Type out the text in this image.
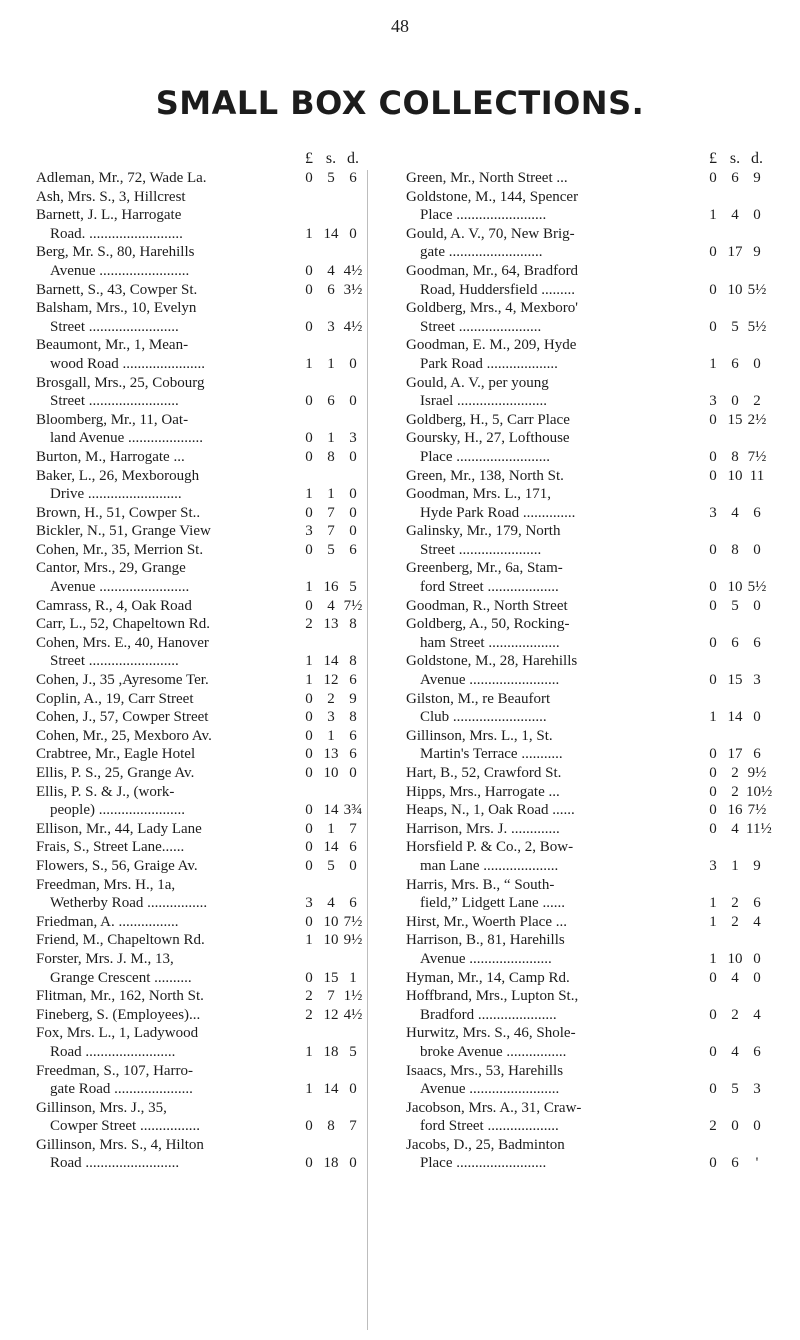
48
SMALL BOX COLLECTIONS.
£ s. d.
Adleman, Mr., 72, Wade La.	0 5 6
Ash, Mrs. S., 3, Hillcrest
Barnett, J. L., Harrogate
Road. .........................	1 14 0
Berg, Mr. S., 80, Harehills
Avenue ........................	0 4 4½
Barnett, S., 43, Cowper St.	0 6 3½
Balsham, Mrs., 10, Evelyn
Street ........................	0 3 4½
Beaumont, Mr., 1, Mean-
wood Road ......................	1 1 0
Brosgall, Mrs., 25, Cobourg
Street ........................	0 6 0
Bloomberg, Mr., 11, Oat-
land Avenue ....................	0 1 3
Burton, M., Harrogate ...	0 8 0
Baker, L., 26, Mexborough
Drive .........................	1 1 0
Brown, H., 51, Cowper St..	0 7 0
Bickler, N., 51, Grange View	3 7 0
Cohen, Mr., 35, Merrion St.	0 5 6
Cantor, Mrs., 29, Grange
Avenue ........................	1 16 5
Camrass, R., 4, Oak Road	0 4 7½
Carr, L., 52, Chapeltown Rd.	2 13 8
Cohen, Mrs. E., 40, Hanover
Street ........................	1 14 8
Cohen, J., 35 ,Ayresome Ter.	1 12 6
Coplin, A., 19, Carr Street	0 2 9
Cohen, J., 57, Cowper Street	0 3 8
Cohen, Mr., 25, Mexboro Av.	0 1 6
Crabtree, Mr., Eagle Hotel	0 13 6
Ellis, P. S., 25, Grange Av.	0 10 0
Ellis, P. S. & J., (work-
people) .......................	0 14 3¾
Ellison, Mr., 44, Lady Lane	0 1 7
Frais, S., Street Lane......	0 14 6
Flowers, S., 56, Graige Av.	0 5 0
Freedman, Mrs. H., 1a,
Wetherby Road ................	3 4 6
Friedman, A. ................	0 10 7½
Friend, M., Chapeltown Rd.	1 10 9½
Forster, Mrs. J. M., 13,
Grange Crescent ..........	0 15 1
Flitman, Mr., 162, North St.	2 7 1½
Fineberg, S. (Employees)...	2 12 4½
Fox, Mrs. L., 1, Ladywood
Road ........................	1 18 5
Freedman, S., 107, Harro-
gate Road .....................	1 14 0
Gillinson, Mrs. J., 35,
Cowper Street ................	0 8 7
Gillinson, Mrs. S., 4, Hilton
Road .........................	0 18 0
£ s. d.
Green, Mr., North Street ...	0 6 9
Goldstone, M., 144, Spencer
Place ........................	1 4 0
Gould, A. V., 70, New Brig-
gate .........................	0 17 9
Goodman, Mr., 64, Bradford
Road, Huddersfield .........	0 10 5½
Goldberg, Mrs., 4, Mexboro'
Street ......................	0 5 5½
Goodman, E. M., 209, Hyde
Park Road ...................	1 6 0
Gould, A. V., per young
Israel ........................	3 0 2
Goldberg, H., 5, Carr Place	0 15 2½
Goursky, H., 27, Lofthouse
Place .........................	0 8 7½
Green, Mr., 138, North St.	0 10 11
Goodman, Mrs. L., 171,
Hyde Park Road ..............	3 4 6
Galinsky, Mr., 179, North
Street ......................	0 8 0
Greenberg, Mr., 6a, Stam-
ford Street ...................	0 10 5½
Goodman, R., North Street	0 5 0
Goldberg, A., 50, Rocking-
ham Street ...................	0 6 6
Goldstone, M., 28, Harehills
Avenue ........................	0 15 3
Gilston, M., re Beaufort
Club .........................	1 14 0
Gillinson, Mrs. L., 1, St.
Martin's Terrace ...........	0 17 6
Hart, B., 52, Crawford St.	0 2 9½
Hipps, Mrs., Harrogate ...	0 2 10½
Heaps, N., 1, Oak Road ......	0 16 7½
Harrison, Mrs. J. .............	0 4 11½
Horsfield P. & Co., 2, Bow-
man Lane ....................	3 1 9
Harris, Mrs. B., “ South-
field,” Lidgett Lane ......	1 2 6
Hirst, Mr., Woerth Place ...	1 2 4
Harrison, B., 81, Harehills
Avenue ......................	1 10 0
Hyman, Mr., 14, Camp Rd.	0 4 0
Hoffbrand, Mrs., Lupton St.,
Bradford .....................	0 2 4
Hurwitz, Mrs. S., 46, Shole-
broke Avenue ................	0 4 6
Isaacs, Mrs., 53, Harehills
Avenue ........................	0 5 3
Jacobson, Mrs. A., 31, Craw-
ford Street ...................	2 0 0
Jacobs, D., 25, Badminton
Place ........................	0 6	'
